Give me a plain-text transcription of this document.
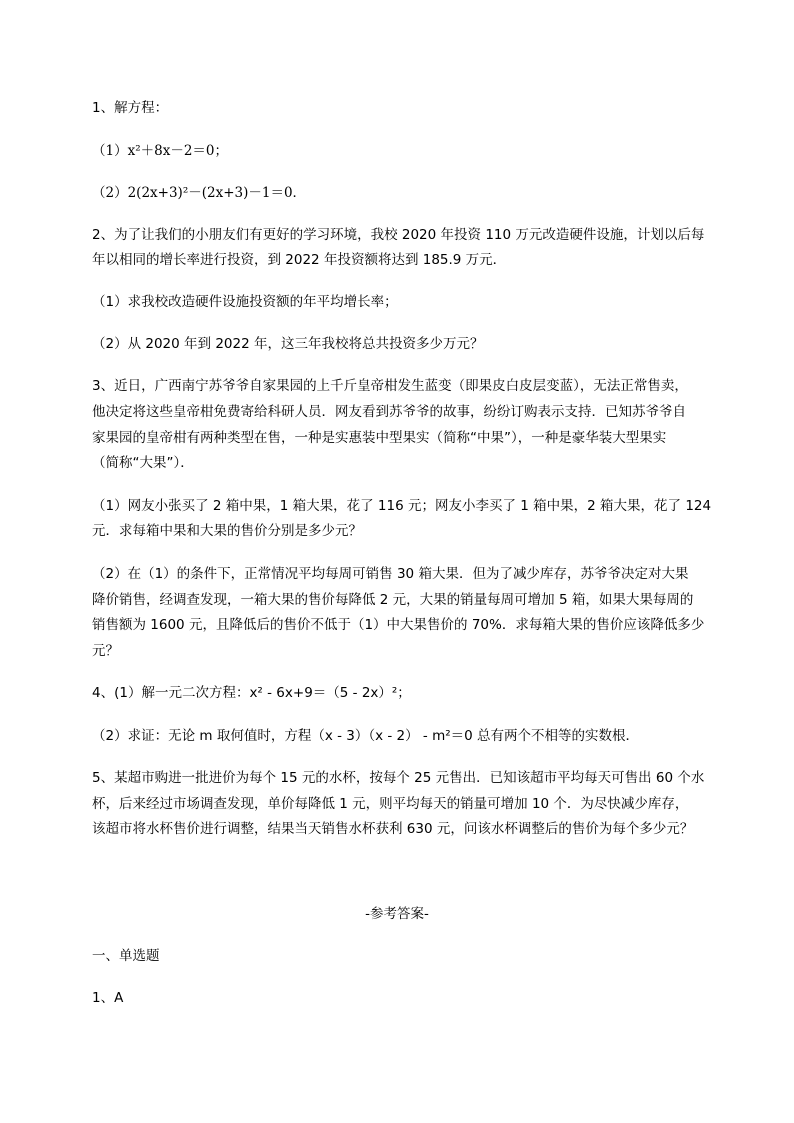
1、解方程：
（1）x²＋8x－2＝0；
（2）2(2x+3)²－(2x+3)－1＝0．
2、为了让我们的小朋友们有更好的学习环境，我校 2020 年投资 110 万元改造硬件设施，计划以后每
年以相同的增长率进行投资，到 2022 年投资额将达到 185.9 万元．
（1）求我校改造硬件设施投资额的年平均增长率；
（2）从 2020 年到 2022 年，这三年我校将总共投资多少万元？
3、近日，广西南宁苏爷爷自家果园的上千斤皇帝柑发生蓝变（即果皮白皮层变蓝），无法正常售卖，
他决定将这些皇帝柑免费寄给科研人员．网友看到苏爷爷的故事，纷纷订购表示支持．已知苏爷爷自
家果园的皇帝柑有两种类型在售，一种是实惠装中型果实（简称“中果”），一种是豪华装大型果实
（简称“大果”）．
（1）网友小张买了 2 箱中果，1 箱大果，花了 116 元；网友小李买了 1 箱中果，2 箱大果，花了 124
元．求每箱中果和大果的售价分别是多少元？
（2）在（1）的条件下，正常情况平均每周可销售 30 箱大果．但为了减少库存，苏爷爷决定对大果
降价销售，经调查发现，一箱大果的售价每降低 2 元，大果的销量每周可增加 5 箱，如果大果每周的
销售额为 1600 元，且降低后的售价不低于（1）中大果售价的 70%．求每箱大果的售价应该降低多少
元？
4、(1）解一元二次方程：x² - 6x+9＝（5 - 2x）²；
（2）求证：无论 m 取何值时，方程（x - 3）（x - 2） - m²＝0 总有两个不相等的实数根．
5、某超市购进一批进价为每个 15 元的水杯，按每个 25 元售出．已知该超市平均每天可售出 60 个水
杯，后来经过市场调查发现，单价每降低 1 元，则平均每天的销量可增加 10 个．为尽快减少库存，
该超市将水杯售价进行调整，结果当天销售水杯获利 630 元，问该水杯调整后的售价为每个多少元？
-参考答案-
一、单选题
1、A
